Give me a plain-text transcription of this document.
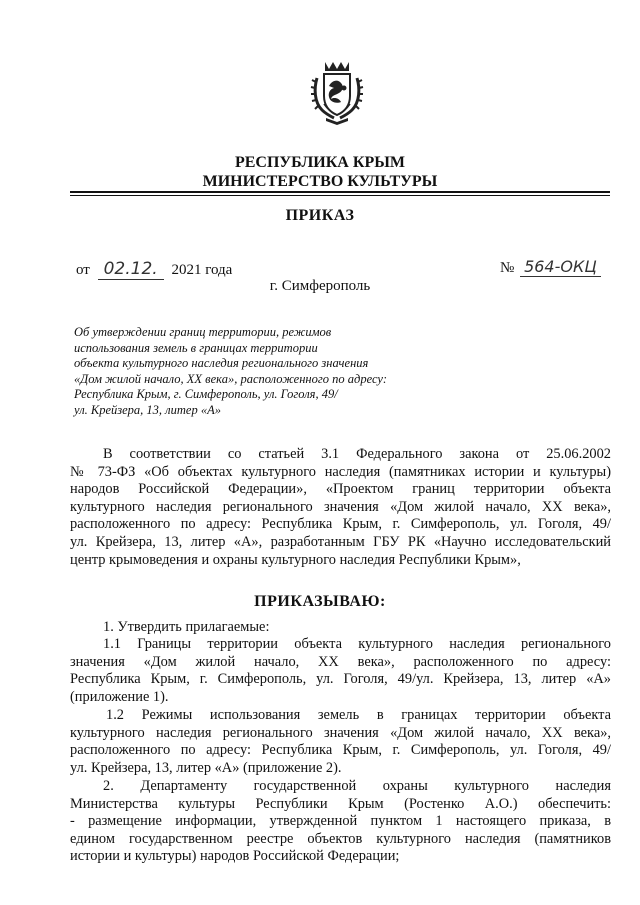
РЕСПУБЛИКА КРЫМ
МИНИСТЕРСТВО КУЛЬТУРЫ
ПРИКАЗ
от 02.12. 2021 года	№ 564-ОКЦ
г. Симферополь
Об утверждении границ территории, режимов
использования земель в границах территории
объекта культурного наследия регионального значения
«Дом жилой начало, XX века», расположенного по адресу:
Республика Крым, г. Симферополь, ул. Гоголя, 49/
ул. Крейзера, 13, литер «А»
В соответствии со статьей 3.1 Федерального закона от 25.06.2002
№ 73-ФЗ «Об объектах культурного наследия (памятниках истории и культуры)
народов Российской Федерации», «Проектом границ территории объекта
культурного наследия регионального значения «Дом жилой начало, XX века»,
расположенного по адресу: Республика Крым, г. Симферополь, ул. Гоголя, 49/
ул. Крейзера, 13, литер «А», разработанным ГБУ РК «Научно исследовательский
центр крымоведения и охраны культурного наследия Республики Крым»,
ПРИКАЗЫВАЮ:
1. Утвердить прилагаемые:
1.1 Границы территории объекта культурного наследия регионального
значения «Дом жилой начало, XX века», расположенного по адресу:
Республика Крым, г. Симферополь, ул. Гоголя, 49/ул. Крейзера, 13, литер «А»
(приложение 1).
1.2 Режимы использования земель в границах территории объекта
культурного наследия регионального значения «Дом жилой начало, XX века»,
расположенного по адресу: Республика Крым, г. Симферополь, ул. Гоголя, 49/
ул. Крейзера, 13, литер «А» (приложение 2).
2. Департаменту государственной охраны культурного наследия
Министерства культуры Республики Крым (Ростенко А.О.) обеспечить:
- размещение информации, утвержденной пунктом 1 настоящего приказа, в
едином государственном реестре объектов культурного наследия (памятников
истории и культуры) народов Российской Федерации;
